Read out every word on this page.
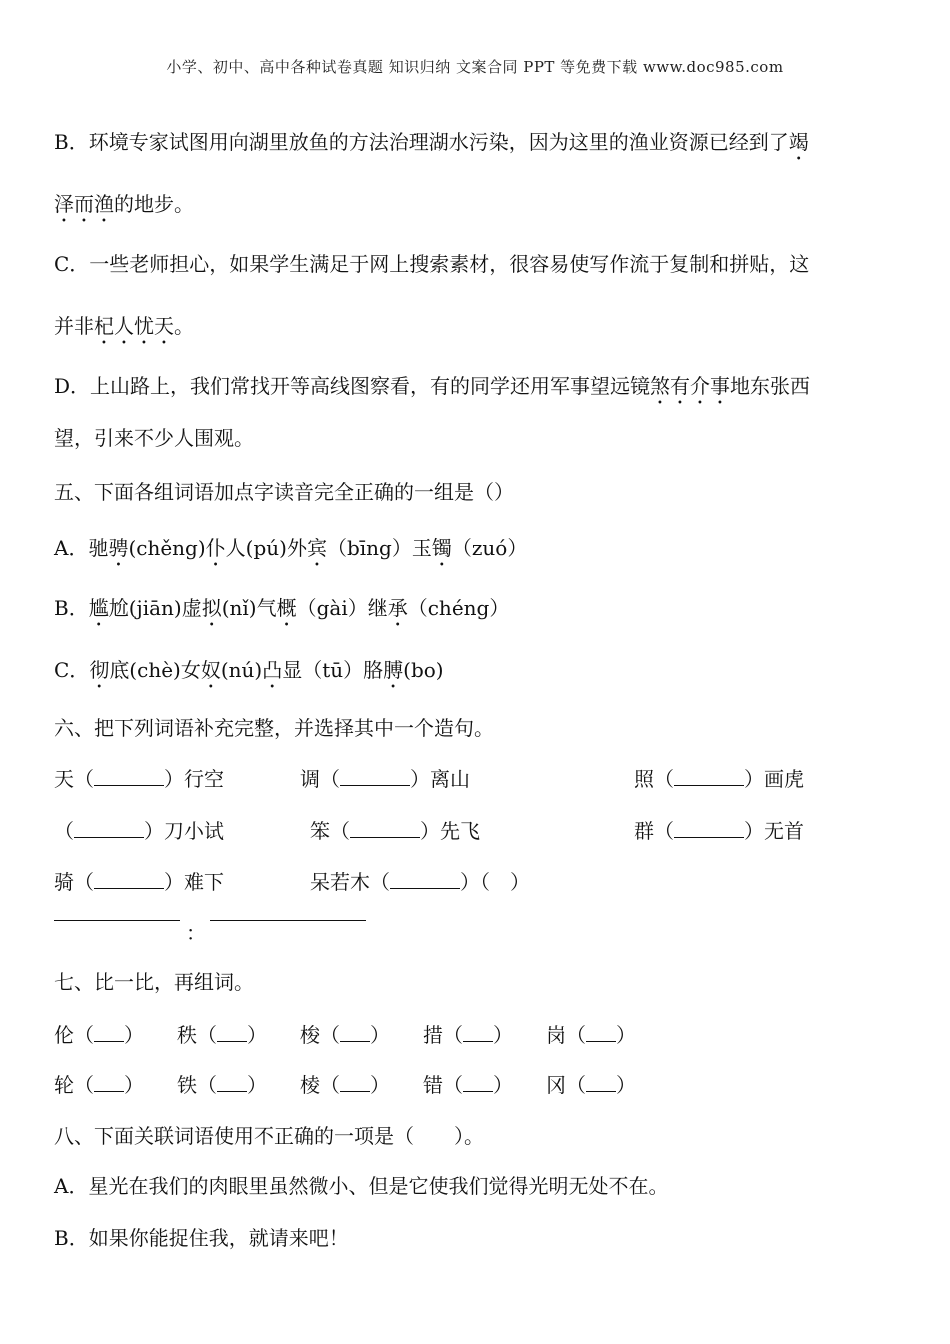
小学、初中、高中各种试卷真题 知识归纳 文案合同 PPT 等免费下载 www.doc985.com
B．环境专家试图用向湖里放鱼的方法治理湖水污染，因为这里的渔业资源已经到了竭
泽而渔的地步。
C．一些老师担心，如果学生满足于网上搜索素材，很容易使写作流于复制和拼贴，这
并非杞人忧天。
D．上山路上，我们常找开等高线图察看，有的同学还用军事望远镜煞有介事地东张西
望，引来不少人围观。
五、下面各组词语加点字读音完全正确的一组是（）
A．驰骋(chěng)仆人(pú)外宾（bīng）玉镯（zuó）
B．尴尬(jiān)虚拟(nǐ)气概（gài）继承（chéng）
C．彻底(chè)女奴(nú)凸显（tū）胳膊(bo)
六、把下列词语补充完整，并选择其中一个造句。
天（	）行空	调（	）离山	照（	）画虎
（	）刀小试	笨（	）先飞	群（	）无首
骑（	）难下	呆若木（	）（　）
：
七、比一比，再组词。
伦（ ） 秩（ ） 梭（ ） 措（ ） 岗（ ）
轮（ ） 铁（ ） 棱（ ） 错（ ） 冈（ ）
八、下面关联词语使用不正确的一项是（　　）。
A．星光在我们的肉眼里虽然微小、但是它使我们觉得光明无处不在。
B．如果你能捉住我，就请来吧！
